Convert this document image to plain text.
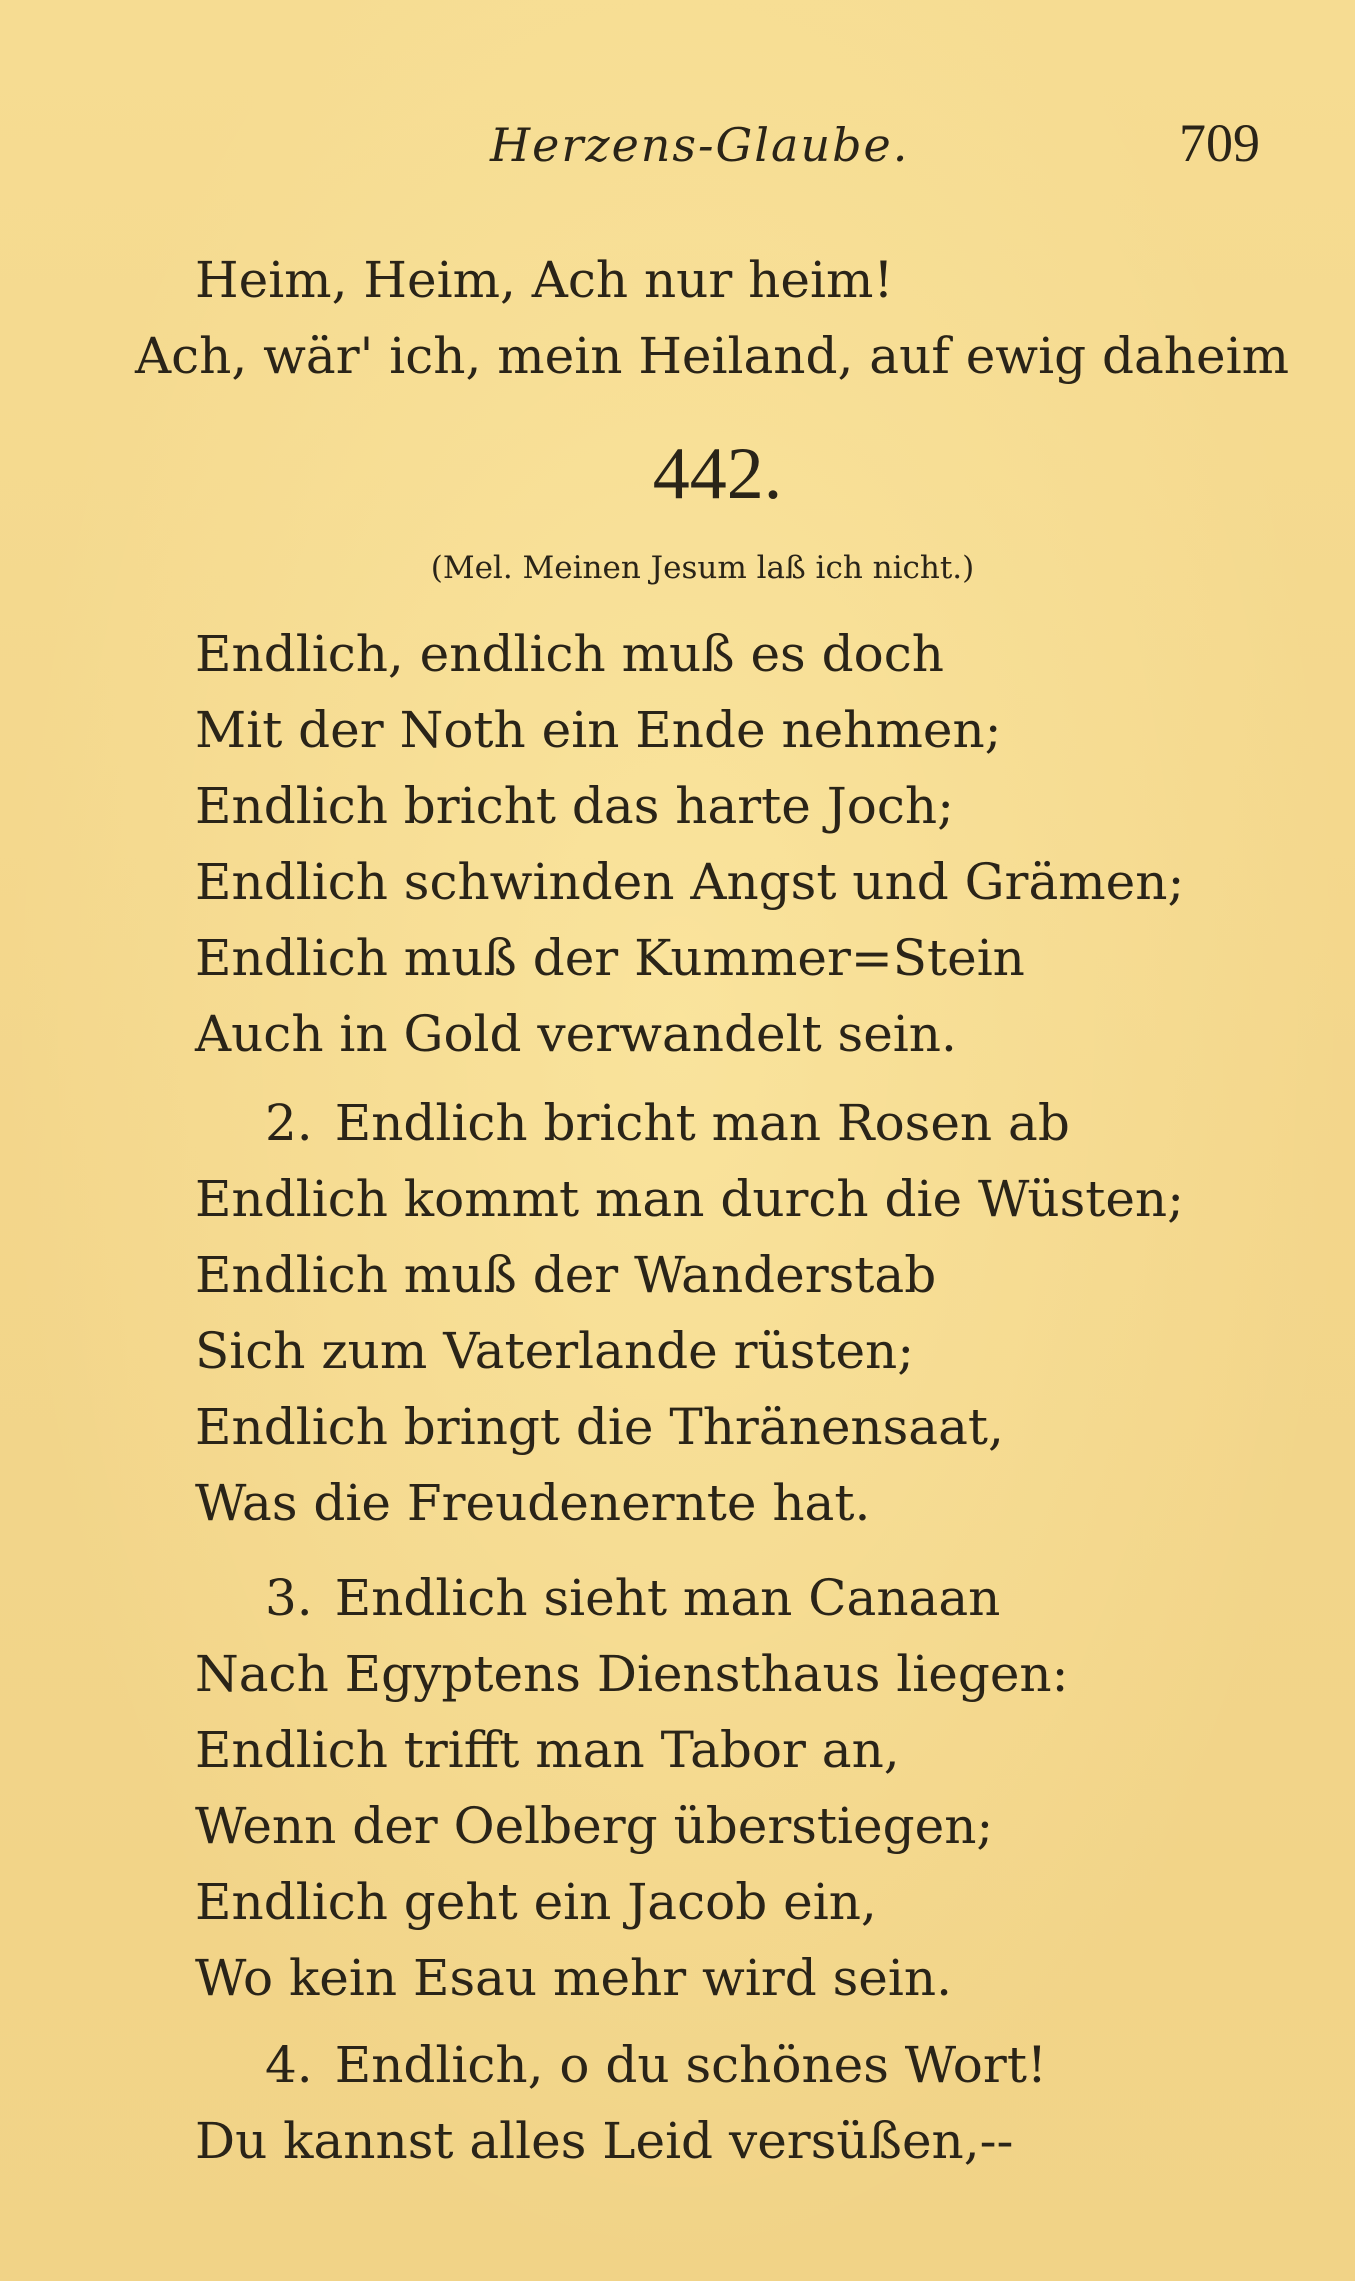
Herzens-Glaube.	709
Heim, Heim, Ach nur heim!
Ach, wär' ich, mein Heiland, auf ewig daheim
442.
(Mel. Meinen Jesum laß ich nicht.)
Endlich, endlich muß es doch
Mit der Noth ein Ende nehmen;
Endlich bricht das harte Joch;
Endlich schwinden Angst und Grämen;
Endlich muß der Kummer=Stein
Auch in Gold verwandelt sein.
2. Endlich bricht man Rosen ab
Endlich kommt man durch die Wüsten;
Endlich muß der Wanderstab
Sich zum Vaterlande rüsten;
Endlich bringt die Thränensaat,
Was die Freudenernte hat.
3. Endlich sieht man Canaan
Nach Egyptens Diensthaus liegen:
Endlich trifft man Tabor an,
Wenn der Oelberg überstiegen;
Endlich geht ein Jacob ein,
Wo kein Esau mehr wird sein.
4. Endlich, o du schönes Wort!
Du kannst alles Leid versüßen,--
